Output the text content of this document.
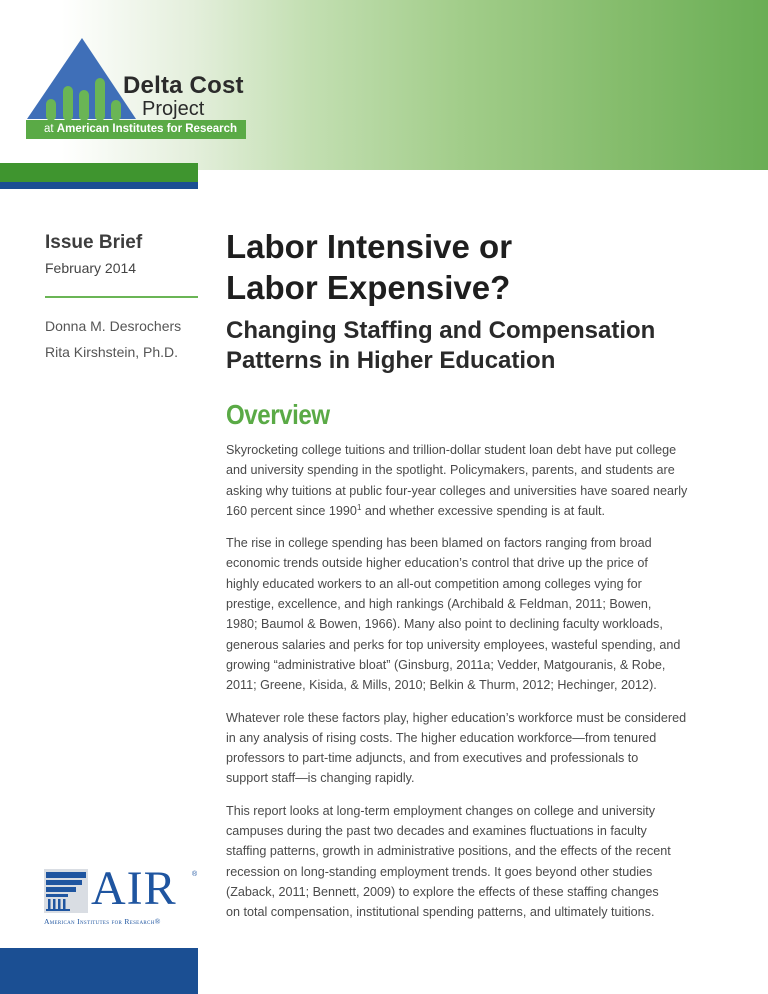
Delta Cost
Project
at American Institutes for Research
Issue Brief
February 2014
Donna M. Desrochers
Rita Kirshstein, Ph.D.
Labor Intensive or
Labor Expensive?
Changing Staffing and Compensation
Patterns in Higher Education
Overview

Skyrocketing college tuitions and trillion-dollar student loan debt have put college
and university spending in the spotlight. Policymakers, parents, and students are
asking why tuitions at public four-year colleges and universities have soared nearly
160 percent since 1990$^1$ and whether excessive spending is at fault.

The rise in college spending has been blamed on factors ranging from broad
economic trends outside higher education’s control that drive up the price of
highly educated workers to an all-out competition among colleges vying for
prestige, excellence, and high rankings (Archibald & Feldman, 2011; Bowen,
1980; Baumol & Bowen, 1966). Many also point to declining faculty workloads,
generous salaries and perks for top university employees, wasteful spending, and
growing “administrative bloat” (Ginsburg, 2011a; Vedder, Matgouranis, & Robe,
2011; Greene, Kisida, & Mills, 2010; Belkin & Thurm, 2012; Hechinger, 2012).

Whatever role these factors play, higher education’s workforce must be considered
in any analysis of rising costs. The higher education workforce—from tenured
professors to part-time adjuncts, and from executives and professionals to
support staff—is changing rapidly.

This report looks at long-term employment changes on college and university
campuses during the past two decades and examines fluctuations in faculty
staffing patterns, growth in administrative positions, and the effects of the recent
recession on long-standing employment trends. It goes beyond other studies
(Zaback, 2011; Bennett, 2009) to explore the effects of these staffing changes
on total compensation, institutional spending patterns, and ultimately tuitions.

AIR ®
American Institutes for Research®
